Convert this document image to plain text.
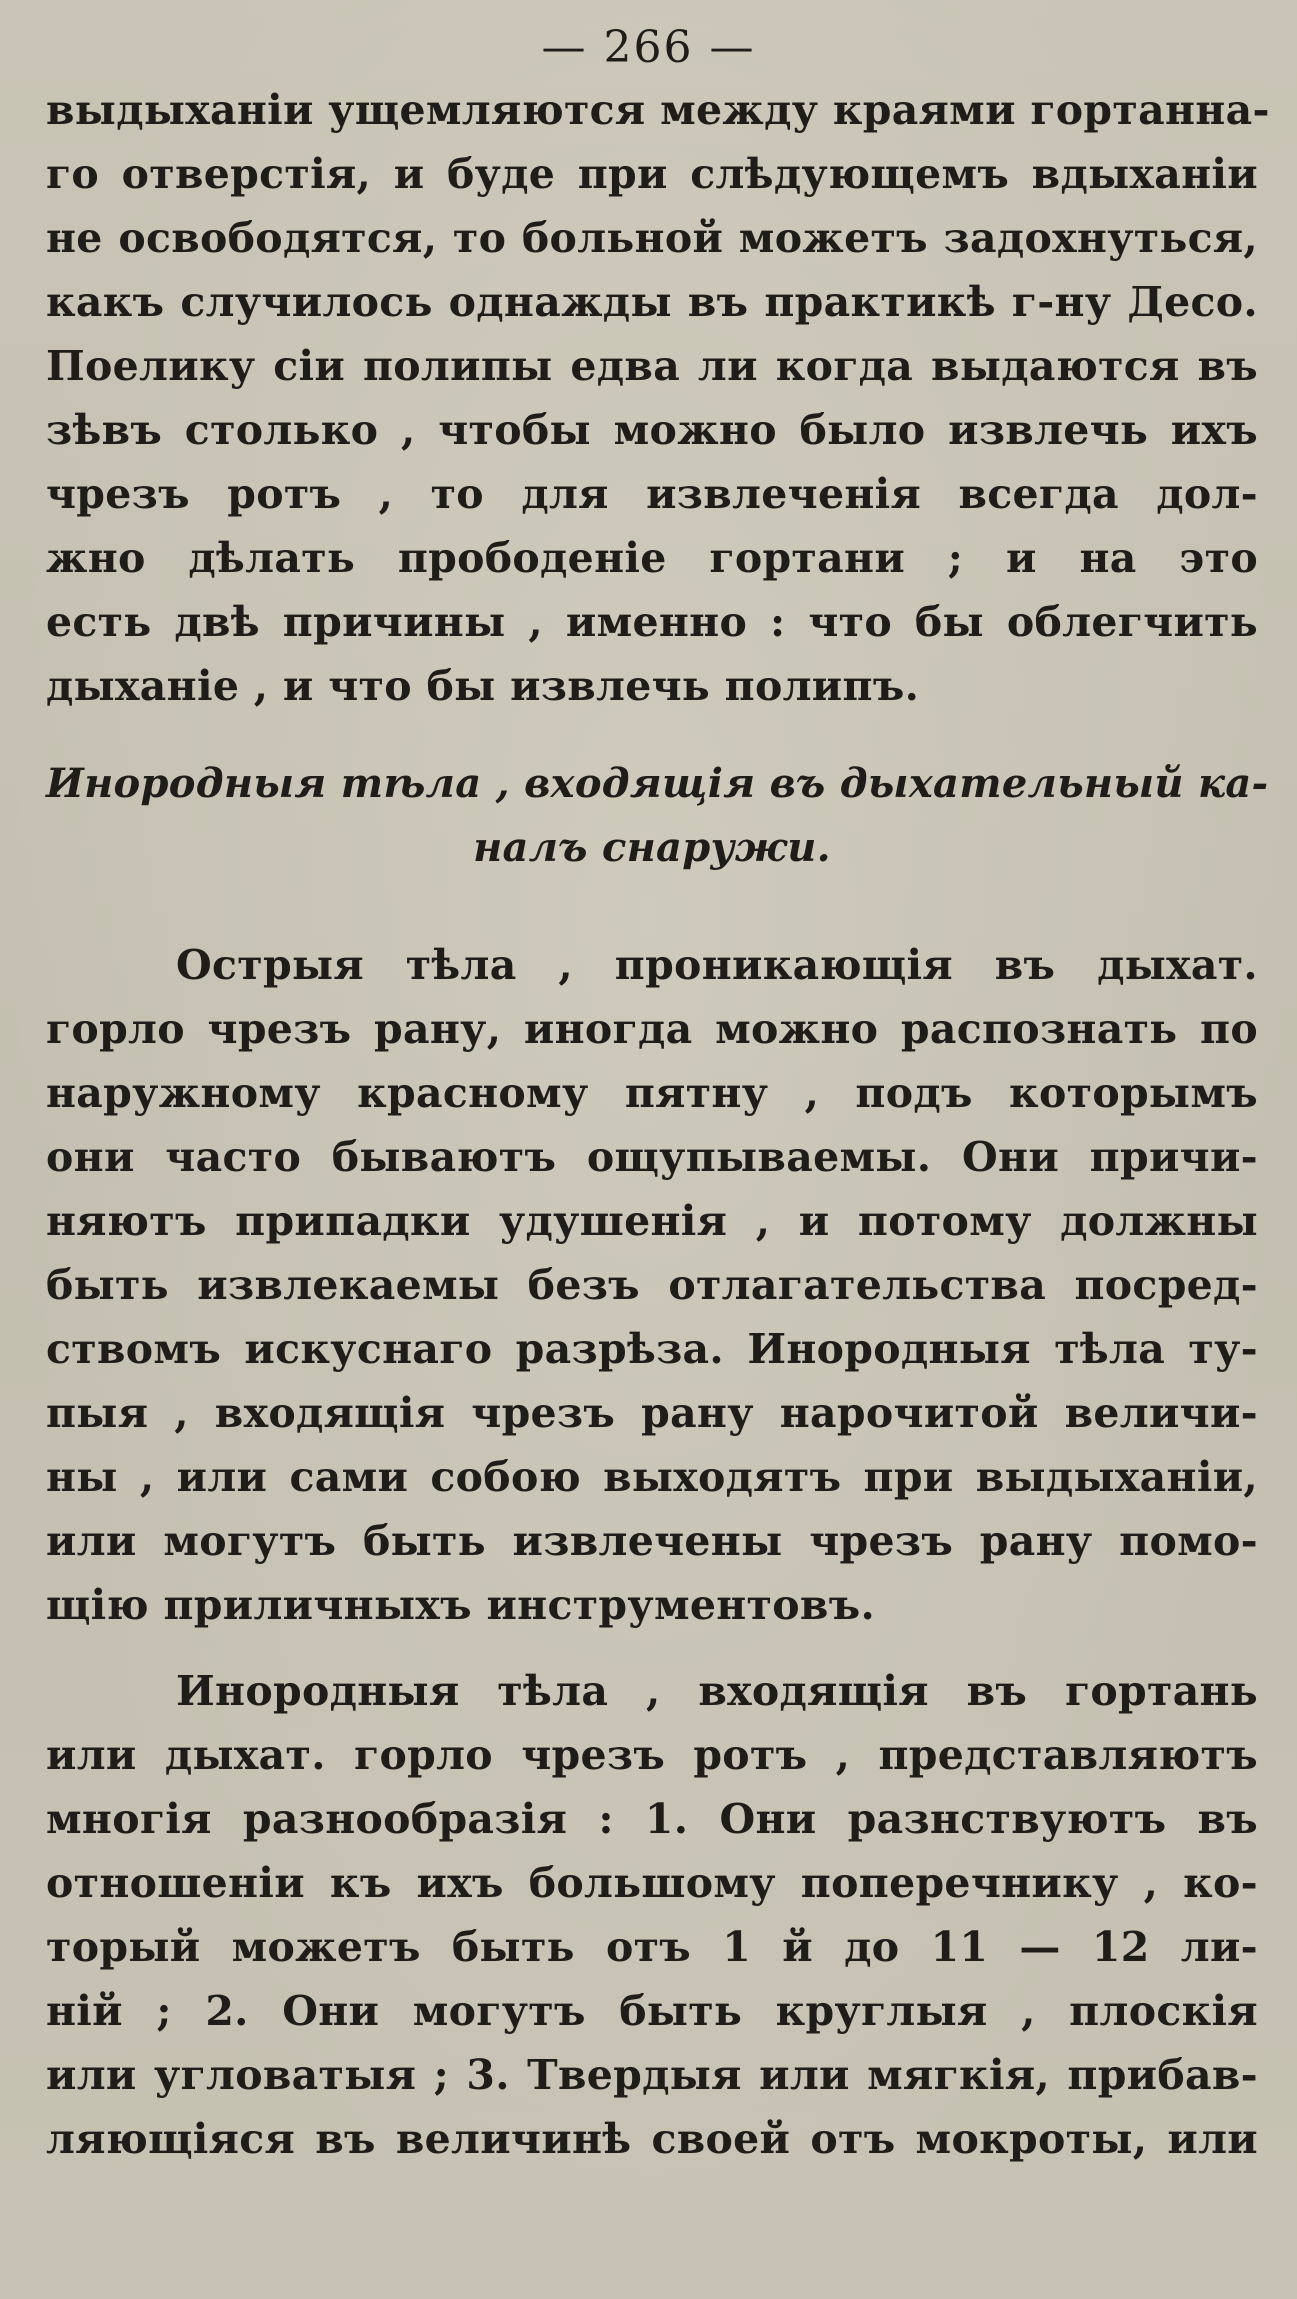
— 266 —
выдыханіи ущемляются между краями гортанна-
го отверстія, и буде при слѣдующемъ вдыханіи
не освободятся, то больной можетъ задохнуться,
какъ случилось однажды въ практикѣ г-ну Десо.
Поелику сіи полипы едва ли когда выдаются въ
зѣвъ столько , чтобы можно было извлечь ихъ
чрезъ ротъ , то для извлеченія всегда дол-
жно дѣлать прободеніе гортани ; и на это
есть двѣ причины , именно : что бы облегчить
дыханіе , и что бы извлечь полипъ.
Инородныя тѣла , входящія въ дыхательный ка-
налъ снаружи.
Острыя тѣла , проникающія въ дыхат.
горло чрезъ рану, иногда можно распознать по
наружному красному пятну , подъ которымъ
они часто бываютъ ощупываемы. Они причи-
няютъ припадки удушенія , и потому должны
быть извлекаемы безъ отлагательства посред-
ствомъ искуснаго разрѣза. Инородныя тѣла ту-
пыя , входящія чрезъ рану нарочитой величи-
ны , или сами собою выходятъ при выдыханіи,
или могутъ быть извлечены чрезъ рану помо-
щію приличныхъ инструментовъ.
Инородныя тѣла , входящія въ гортань
или дыхат. горло чрезъ ротъ , представляютъ
многія разнообразія : 1. Они разнствуютъ въ
отношеніи къ ихъ большому поперечнику , ко-
торый можетъ быть отъ 1 й до 11 — 12 ли-
ній ; 2. Они могутъ быть круглыя , плоскія
или угловатыя ; 3. Твердыя или мягкія, прибав-
ляющіяся въ величинѣ своей отъ мокроты, или
